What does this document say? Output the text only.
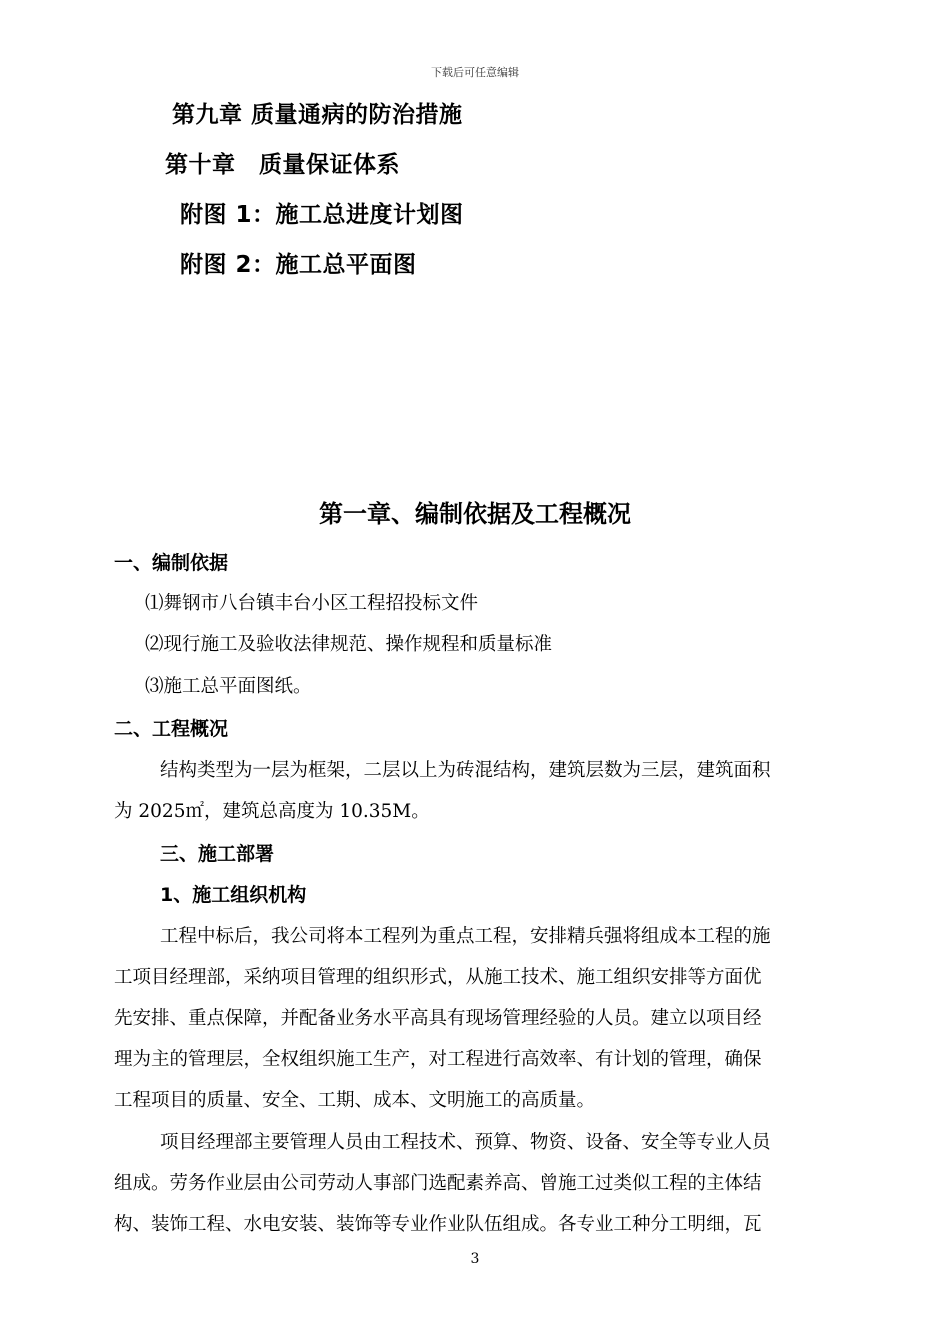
下载后可任意编辑
第九章 质量通病的防治措施
第十章　质量保证体系
附图 1：施工总进度计划图
附图 2：施工总平面图
第一章、编制依据及工程概况
一、编制依据
⑴舞钢市八台镇丰台小区工程招投标文件
⑵现行施工及验收法律规范、操作规程和质量标准
⑶施工总平面图纸。
二、工程概况
结构类型为一层为框架，二层以上为砖混结构，建筑层数为三层，建筑面积
为 2025㎡，建筑总高度为 10.35M。
三、施工部署
1、施工组织机构
工程中标后，我公司将本工程列为重点工程，安排精兵强将组成本工程的施
工项目经理部，采纳项目管理的组织形式，从施工技术、施工组织安排等方面优
先安排、重点保障，并配备业务水平高具有现场管理经验的人员。建立以项目经
理为主的管理层，全权组织施工生产，对工程进行高效率、有计划的管理，确保
工程项目的质量、安全、工期、成本、文明施工的高质量。
项目经理部主要管理人员由工程技术、预算、物资、设备、安全等专业人员
组成。劳务作业层由公司劳动人事部门选配素养高、曾施工过类似工程的主体结
构、装饰工程、水电安装、装饰等专业作业队伍组成。各专业工种分工明细，瓦
3
